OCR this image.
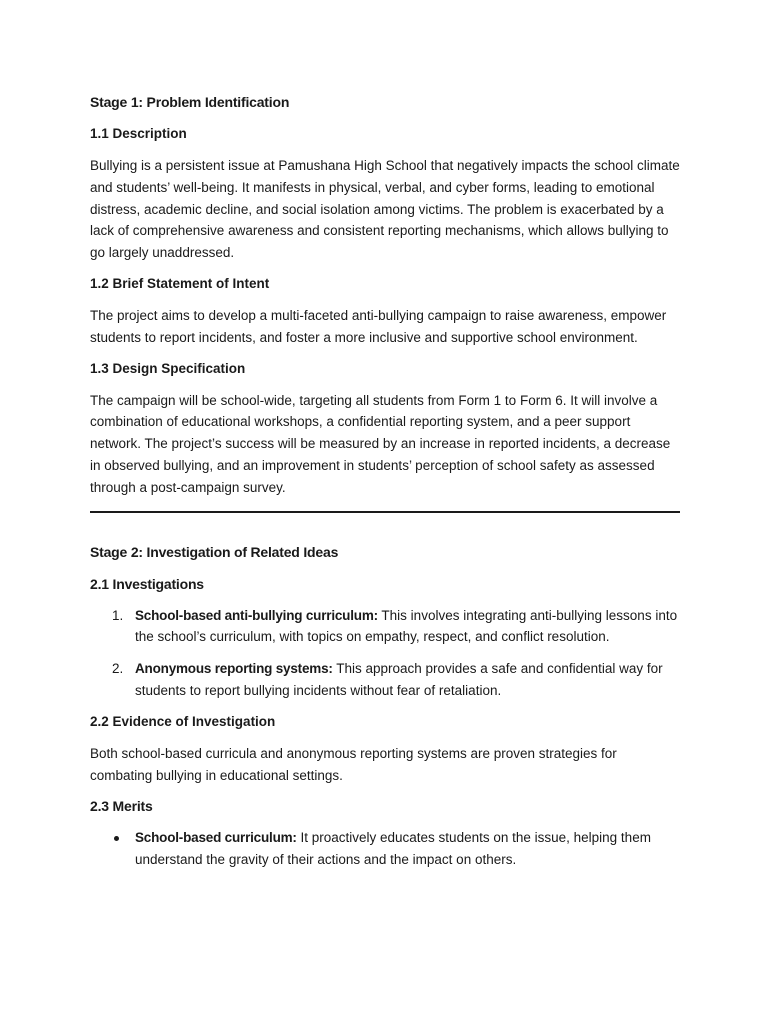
Stage 1: Problem Identification
1.1 Description

Bullying is a persistent issue at Pamushana High School that negatively impacts the school climate and students’ well-being. It manifests in physical, verbal, and cyber forms, leading to emotional distress, academic decline, and social isolation among victims. The problem is exacerbated by a lack of comprehensive awareness and consistent reporting mechanisms, which allows bullying to go largely unaddressed.

1.2 Brief Statement of Intent

The project aims to develop a multi-faceted anti-bullying campaign to raise awareness, empower students to report incidents, and foster a more inclusive and supportive school environment.

1.3 Design Specification

The campaign will be school-wide, targeting all students from Form 1 to Form 6. It will involve a combination of educational workshops, a confidential reporting system, and a peer support network. The project’s success will be measured by an increase in reported incidents, a decrease in observed bullying, and an improvement in students’ perception of school safety as assessed through a post-campaign survey.

Stage 2: Investigation of Related Ideas
2.1 Investigations
1. School-based anti-bullying curriculum: This involves integrating anti-bullying lessons into the school’s curriculum, with topics on empathy, respect, and conflict resolution.
2. Anonymous reporting systems: This approach provides a safe and confidential way for students to report bullying incidents without fear of retaliation.
2.2 Evidence of Investigation

Both school-based curricula and anonymous reporting systems are proven strategies for combating bullying in educational settings.

2.3 Merits
School-based curriculum: It proactively educates students on the issue, helping them understand the gravity of their actions and the impact on others.
